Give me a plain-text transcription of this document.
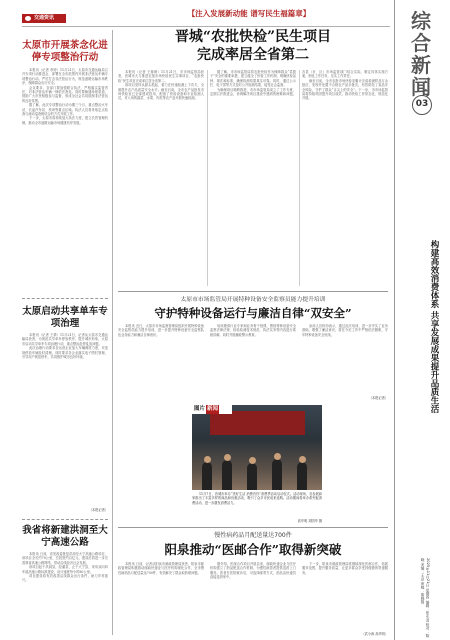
【注入发展新动能 谱写民生福篇章】
交通资讯
太原市开展茶念化进停专项整治行动

本报讯（记者 李婷）11月21日，太原市交通运输局召开专项行动推进会，部署在全市范围内开展非法营运车辆专项整治行动。严厉打击非法营运行为，规范道路运输市场秩序，保障群众出行安全。

会议要求，各部门要加强联合执法，严格落实监管责任，对非法营运车辆一律依法查处。同时要畅通举报渠道，鼓励广大市民积极参与监督，形成全社会共同抵制非法营运的良好氛围。

据了解，此次专项整治行动为期三个月，重点整治火车站、长途汽车站、机场等重点区域。执法人员将采取定点检查与流动巡查相结合的方式开展工作。

下一步，太原市将持续加大执法力度，建立长效管理机制，推动全市道路运输市场健康有序发展。

太原启动共享单车专项治理

本报讯（记者 王倩）11月21日，记者从太原市交通运输局获悉，为规范共享单车停放秩序，提升城市形象，太原市启动共享单车专项治理行动，重点整治乱停乱放问题。

此次治理行动要求各运营企业加大车辆调度力度，对违规停放车辆及时清理。同时要求各企业落实电子围栏管理，引导用户规范停车，共同维护城市良好环境。

（本报记者）
我省将新建洪洞至大宁高速公路

本报讯 日前，省发改委批复洪洞至大宁高速公路项目，该项目全长约70公里，总投资约百亿元，建成后将进一步完善我省高速公路网络，带动沿线经济社会发展。

该项目起于洪洞县，经蒲县，止于大宁县，采用双向四车道高速公路标准建设，设计速度每小时80公里。

项目建设将有效改善沿线群众出行条件，助力乡村振兴。

晋城“农批快检”民生项目
完成率居全省第二

本报讯（记者 王蓉颜）11月21日，市市场监管局获悉，晋城市大力推进农批市场快检民生实事项目，“农批快检”民生项目完成率位居全省第二。

该项目坚持从源头抓起，着力在快速检测上下功夫，全面提升农产品质量安全水平。截至目前，全市农产品批发市场快检室已全部建成投用，配备了快检设备和专业检测人员，对入场的蔬菜、水果、肉类等农产品开展快速检测。

据了解，市市场监管局将农批快检作为保障群众“菜篮子”安全的重要举措，建立健全了快检工作机制，明确快检品种、频次和标准，确保检测结果真实可靠。同时，通过公示栏、电子屏等方式及时公开检测结果，接受社会监督。

为确保项目顺利推进，市市场监管局成立了工作专班，定期召开推进会，协调解决项目建设中遇到的困难和问题。各县（市、区）市场监管部门结合实际，制定具体实施方案，细化工作任务，压实工作责任。

截至目前，全市农批市场快检室累计完成检测样品万余批次，发现并处置不合格农产品多批次，有效防范了食品安全风险，守护了群众“舌尖上的安全”。下一步，市市场监管局将持续巩固提升项目成效，推动快检工作常态化、规范化开展。

太原市市场监管局开展特种设备安全监察员能力提升培训
守护特种设备运行与廉洁自律“双安全”

本报讯 近日，太原市市场监督管理局组织开展特种设备安全监察员能力提升培训，进一步提升特种设备安全监察队伍业务能力和廉洁自律意识。

培训邀请行业专家和业务骨干授课，围绕特种设备安全监察法律法规、检验检测技术规范、执法实务等内容进行系统讲解，同时开展廉政警示教育。

参训人员纷纷表示，通过此次培训，进一步夯实了业务基础，增强了廉洁意识，将在今后工作中严格依法履职，守牢特种设备安全底线。

（本报记者）
图片 新闻

11月7日，晋城市举办“美好生活 消费有你”消费季活动启动仪式。活动现场，各参展商家推出了丰富多样的商品和优惠活动，吸引了众多市民前来选购。活动期间将举办系列促消费活动，进一步激发消费活力。

高华明 刘国华 摄
慢性病药品月配送量达700件
阳泉推动“医邮合作”取得新突破

本报讯 日前，记者从阳泉市邮政管理局获悉，阳泉市邮政管理局积极推动邮政快递业与医疗机构深化合作，全市慢性病药品月配送量达700件，有效解决了群众取药难问题。

据介绍，医邮合作项目开展以来，邮政快递企业与医疗机构建立了药品配送合作机制，为慢性病患者提供送药上门服务。患者在医院就诊后，可选择邮寄方式，药品由快递员直接送到家中。

下一步，阳泉市邮政管理局将继续深化医邮合作，拓展服务范围，提升服务质量，让更多群众享受到便捷的寄递服务。

（武小涛 高华明）
综合新闻
03
构建高效消费体系 共享发展成果提升品质生活
2025年11月21日 星期四 编辑：张永清 校对：陈晓 美编：王泽 审稿：胡晓磊
